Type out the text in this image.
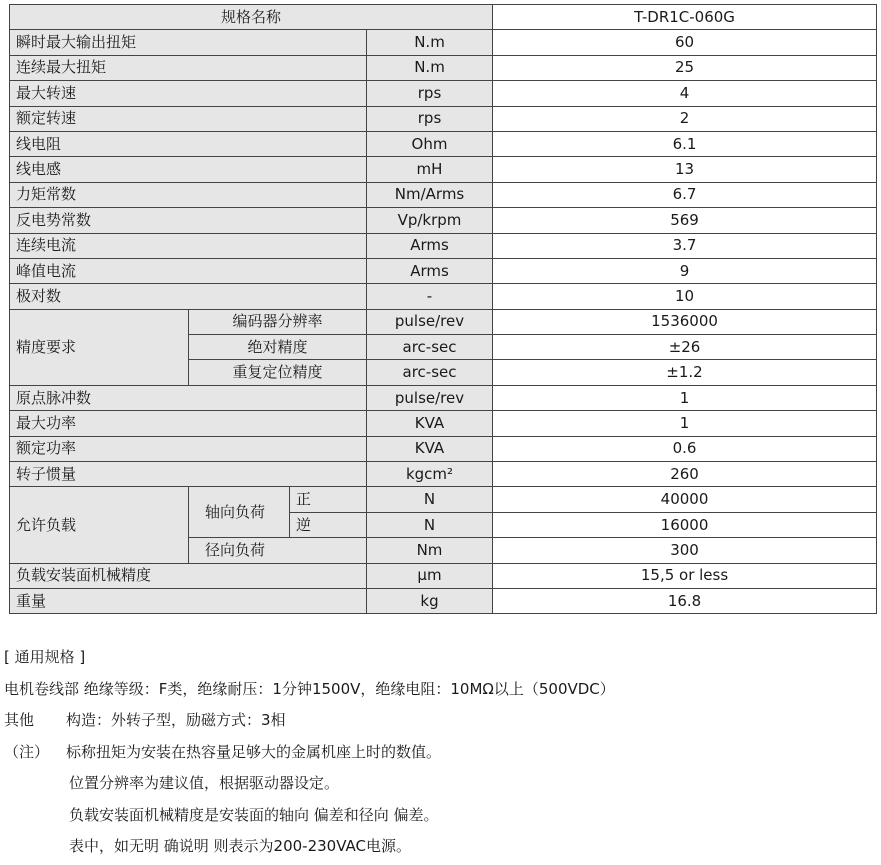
规格名称				T-DR1C-060G
瞬时最大输出扭矩			N.m	60
连续最大扭矩			N.m	25
最大转速			rps	4
额定转速			rps	2
线电阻			Ohm	6.1
线电感			mH	13
力矩常数			Nm/Arms	6.7
反电势常数			Vp/krpm	569
连续电流			Arms	3.7
峰值电流			Arms	9
极对数			-	10
精度要求	编码器分辨率		pulse/rev	1536000
	绝对精度		arc-sec	±26
	重复定位精度		arc-sec	±1.2
原点脉冲数			pulse/rev	1
最大功率			KVA	1
额定功率			KVA	0.6
转子惯量			kgcm²	260
允许负载	轴向负荷	正	N	40000
		逆	N	16000
	径向负荷		Nm	300
负载安装面机械精度			μm	15,5 or less
重量			kg	16.8
[ 通用规格 ]
电机卷线部 绝缘等级：F类，绝缘耐压：1分钟1500V，绝缘电阻：10MΩ以上（500VDC）
其他 构造：外转子型，励磁方式：3相
（注） 标称扭矩为安装在热容量足够大的金属机座上时的数值。
位置分辨率为建议值，根据驱动器设定。
负载安装面机械精度是安装面的轴向 偏差和径向 偏差。
表中，如无明 确说明 则表示为200-230VAC电源。
